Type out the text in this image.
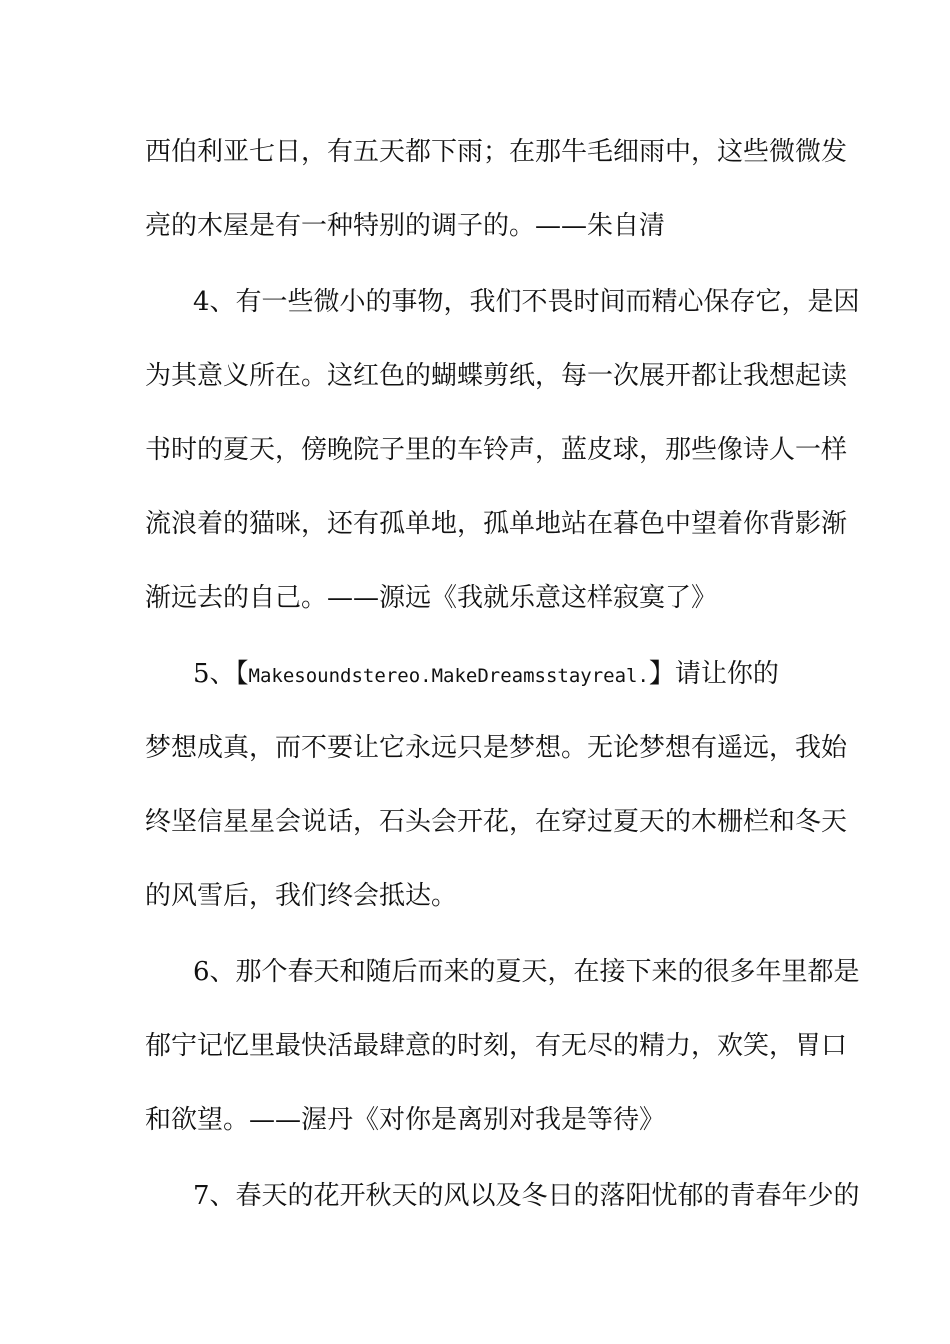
西伯利亚七日，有五天都下雨；在那牛毛细雨中，这些微微发

亮的木屋是有一种特别的调子的。——朱自清

4、有一些微小的事物，我们不畏时间而精心保存它，是因

为其意义所在。这红色的蝴蝶剪纸，每一次展开都让我想起读

书时的夏天，傍晚院子里的车铃声，蓝皮球，那些像诗人一样

流浪着的猫咪，还有孤单地，孤单地站在暮色中望着你背影渐

渐远去的自己。——源远《我就乐意这样寂寞了》

5、【Makesoundstereo.MakeDreamsstayreal.】请让你的

梦想成真，而不要让它永远只是梦想。无论梦想有遥远，我始

终坚信星星会说话，石头会开花，在穿过夏天的木栅栏和冬天

的风雪后，我们终会抵达。

6、那个春天和随后而来的夏天，在接下来的很多年里都是

郁宁记忆里最快活最肆意的时刻，有无尽的精力，欢笑，胃口

和欲望。——渥丹《对你是离别对我是等待》

7、春天的花开秋天的风以及冬日的落阳忧郁的青春年少的
